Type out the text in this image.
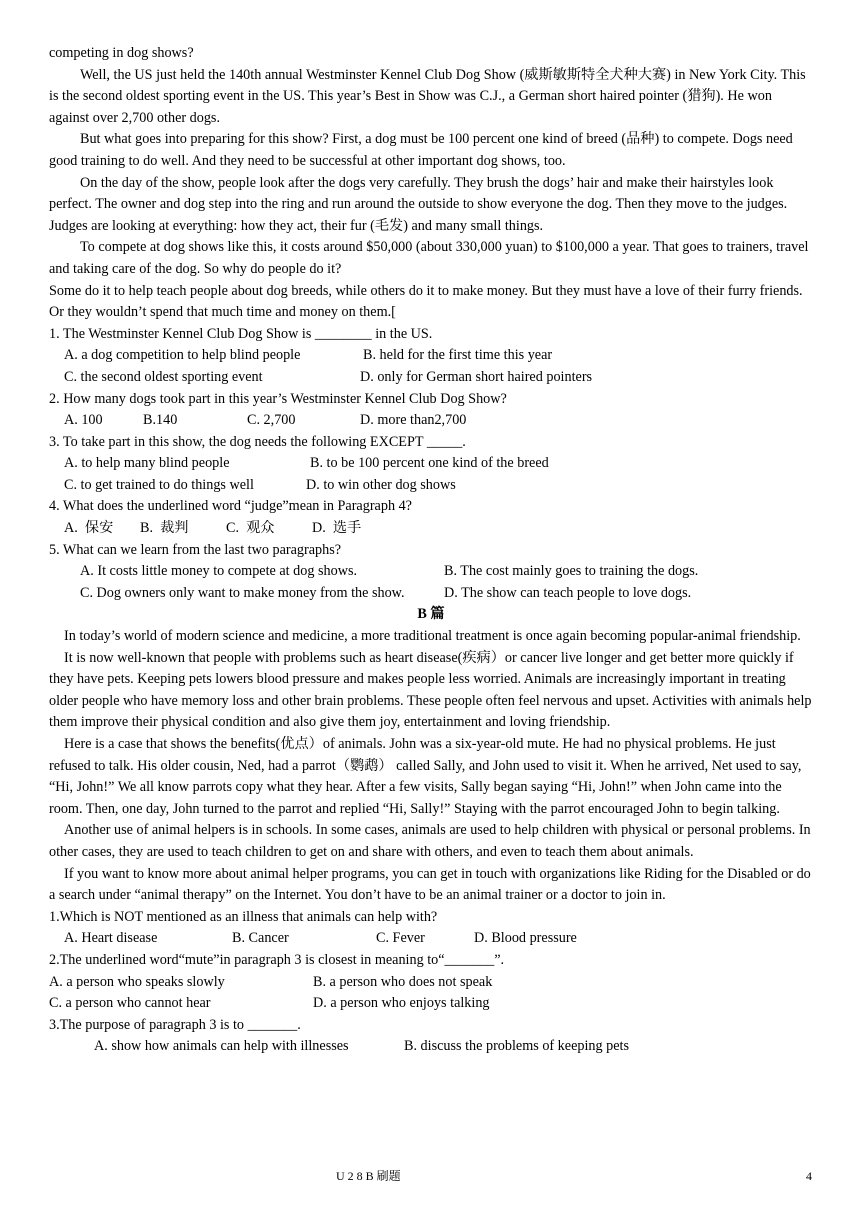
competing in dog shows?

Well, the US just held the 140th annual Westminster Kennel Club Dog Show (威斯敏斯特全犬种大赛) in New York City. This is the second oldest sporting event in the US. This year’s Best in Show was C.J., a German short haired pointer (猎狗). He won against over 2,700 other dogs.

But what goes into preparing for this show? First, a dog must be 100 percent one kind of breed (品种) to compete. Dogs need good training to do well. And they need to be successful at other important dog shows, too.

On the day of the show, people look after the dogs very carefully. They brush the dogs’ hair and make their hairstyles look perfect. The owner and dog step into the ring and run around the outside to show everyone the dog. Then they move to the judges. Judges are looking at everything: how they act, their fur (毛发) and many small things.

To compete at dog shows like this, it costs around $50,000 (about 330,000 yuan) to $100,000 a year. That goes to trainers, travel and taking care of the dog. So why do people do it?

Some do it to help teach people about dog breeds, while others do it to make money. But they must have a love of their furry friends. Or they wouldn’t spend that much time and money on them.[

1. The Westminster Kennel Club Dog Show is ________ in the US.
A. a dog competition to help blind people	B. held for the first time this year
C. the second oldest sporting event	D. only for German short haired pointers
2. How many dogs took part in this year’s Westminster Kennel Club Dog Show?
A. 100	B.140	C. 2,700	D. more than2,700
3. To take part in this show, the dog needs the following EXCEPT _____.
A. to help many blind people	B. to be 100 percent one kind of the breed
C. to get trained to do things well	D. to win other dog shows
4. What does the underlined word “judge”mean in Paragraph 4?
A.  保安 B.  裁判	C.  观众	D.  选手
5. What can we learn from the last two paragraphs?
A. It costs little money to compete at dog shows.	B. The cost mainly goes to training the dogs.
C. Dog owners only want to make money from the show.	D. The show can teach people to love dogs.
B 篇

In today’s world of modern science and medicine, a more traditional treatment is once again becoming popular-animal friendship.

It is now well-known that people with problems such as heart disease(疾病）or cancer live longer and get better more quickly if they have pets. Keeping pets lowers blood pressure and makes people less worried. Animals are increasingly important in treating older people who have memory loss and other brain problems. These people often feel nervous and upset. Activities with animals help them improve their physical condition and also give them joy, entertainment and loving friendship.

Here is a case that shows the benefits(优点）of animals. John was a six-year-old mute. He had no physical problems. He just refused to talk. His older cousin, Ned, had a parrot（鹦鹉） called Sally, and John used to visit it. When he arrived, Net used to say, “Hi, John!” We all know parrots copy what they hear. After a few visits, Sally began saying “Hi, John!” when John came into the room. Then, one day, John turned to the parrot and replied “Hi, Sally!” Staying with the parrot encouraged John to begin talking.

Another use of animal helpers is in schools. In some cases, animals are used to help children with physical or personal problems. In other cases, they are used to teach children to get on and share with others, and even to teach them about animals.

If you want to know more about animal helper programs, you can get in touch with organizations like Riding for the Disabled or do a search under “animal therapy” on the Internet. You don’t have to be an animal trainer or a doctor to join in.

1.Which is NOT mentioned as an illness that animals can help with?
A. Heart disease	B. Cancer	C. Fever	D. Blood pressure
2.The underlined word“mute”in paragraph 3 is closest in meaning to“_______”.
A. a person who speaks slowly	B. a person who does not speak
C. a person who cannot hear	D. a person who enjoys talking
3.The purpose of paragraph 3 is to _______.
A. show how animals can help with illnesses	B. discuss the problems of keeping pets
U 2 8 B 刷题	4
